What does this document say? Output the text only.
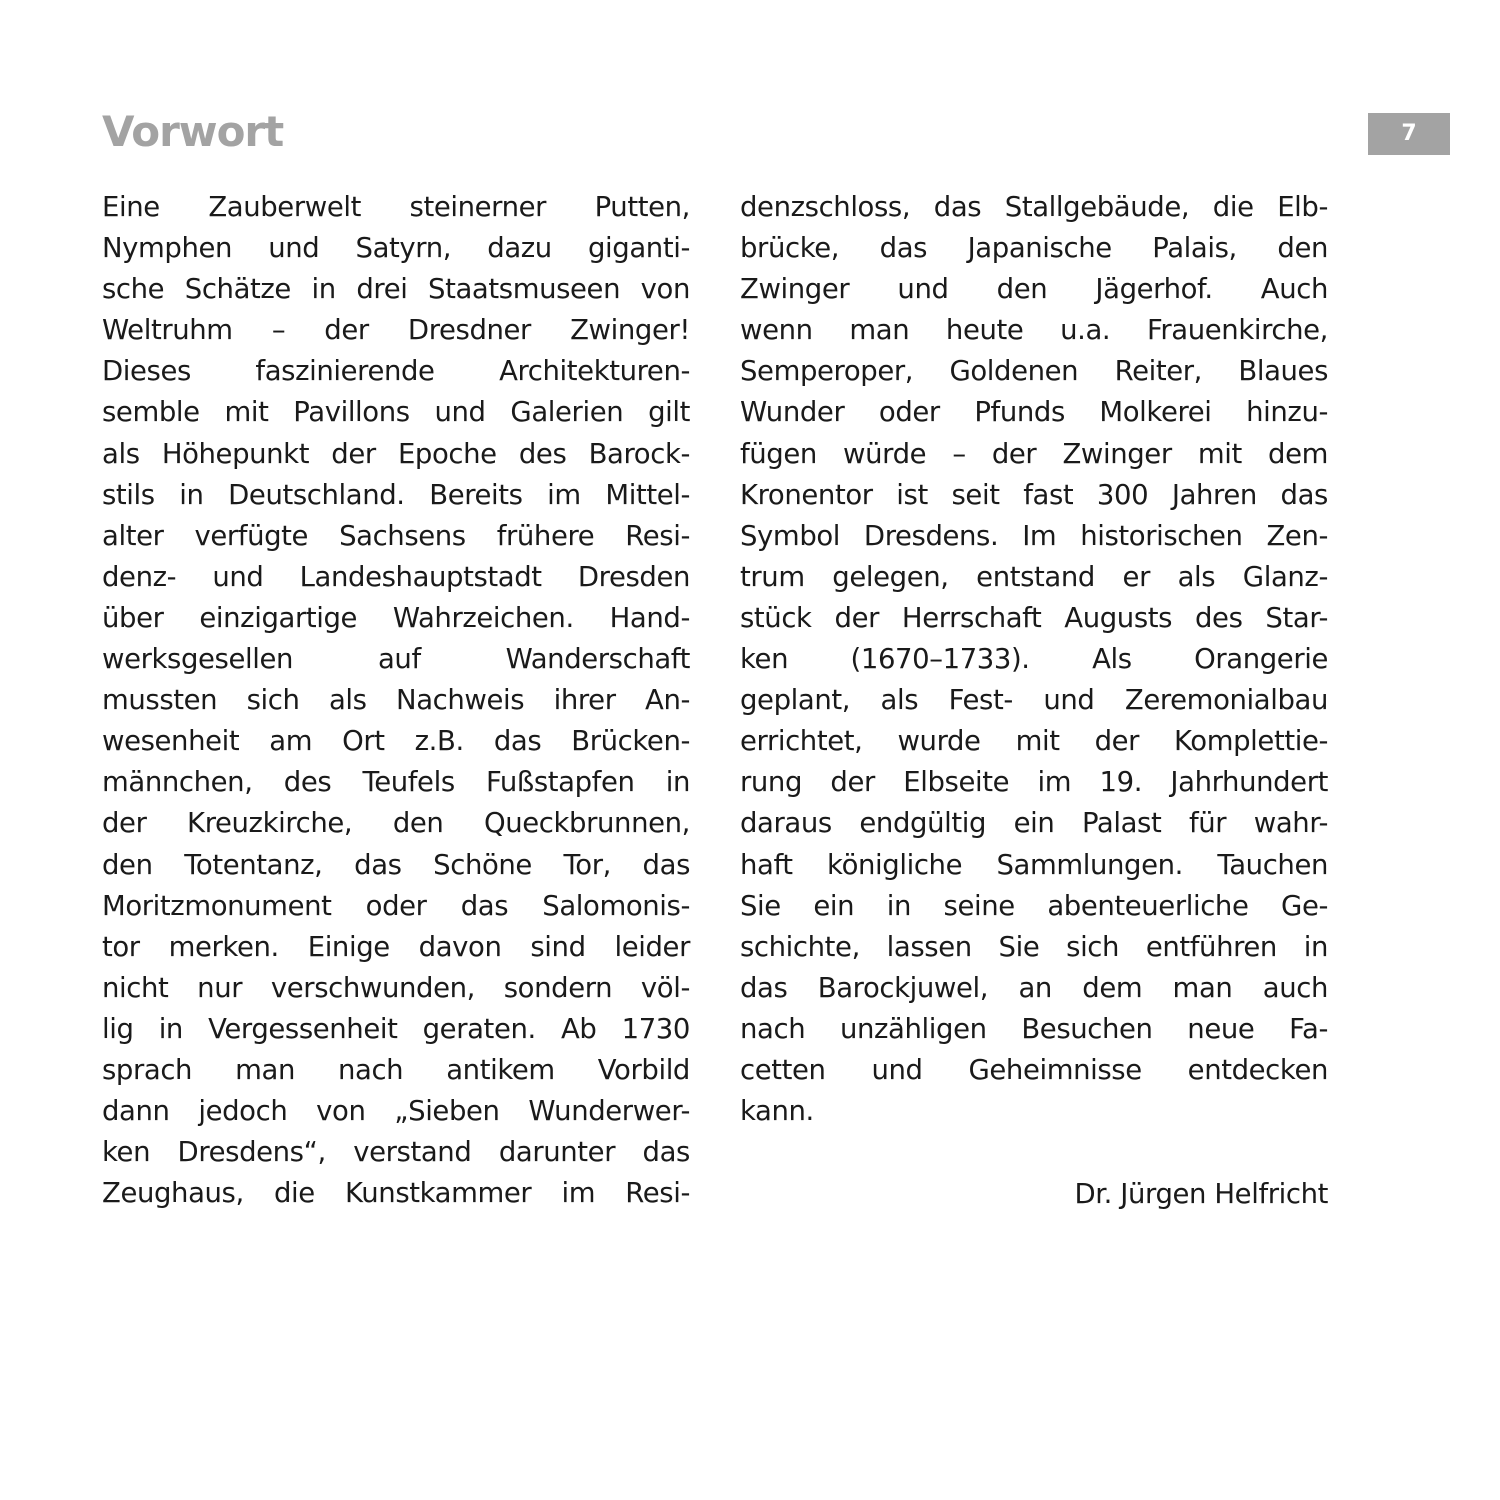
Vorwort	7
Eine Zauberwelt steinerner Putten,
Nymphen und Satyrn, dazu giganti-
sche Schätze in drei Staatsmuseen von
Weltruhm – der Dresdner Zwinger!
Dieses faszinierende Architekturen-
semble mit Pavillons und Galerien gilt
als Höhepunkt der Epoche des Barock-
stils in Deutschland. Bereits im Mittel-
alter verfügte Sachsens frühere Resi-
denz- und Landeshauptstadt Dresden
über einzigartige Wahrzeichen. Hand-
werksgesellen auf Wanderschaft
mussten sich als Nachweis ihrer An-
wesenheit am Ort z.B. das Brücken-
männchen, des Teufels Fußstapfen in
der Kreuzkirche, den Queckbrunnen,
den Totentanz, das Schöne Tor, das
Moritzmonument oder das Salomonis-
tor merken. Einige davon sind leider
nicht nur verschwunden, sondern völ-
lig in Vergessenheit geraten. Ab 1730
sprach man nach antikem Vorbild
dann jedoch von „Sieben Wunderwer-
ken Dresdens“, verstand darunter das
Zeughaus, die Kunstkammer im Resi-
denzschloss, das Stallgebäude, die Elb-
brücke, das Japanische Palais, den
Zwinger und den Jägerhof. Auch
wenn man heute u.a. Frauenkirche,
Semperoper, Goldenen Reiter, Blaues
Wunder oder Pfunds Molkerei hinzu-
fügen würde – der Zwinger mit dem
Kronentor ist seit fast 300 Jahren das
Symbol Dresdens. Im historischen Zen-
trum gelegen, entstand er als Glanz-
stück der Herrschaft Augusts des Star-
ken (1670–1733). Als Orangerie
geplant, als Fest- und Zeremonialbau
errichtet, wurde mit der Komplettie-
rung der Elbseite im 19. Jahrhundert
daraus endgültig ein Palast für wahr-
haft königliche Sammlungen. Tauchen
Sie ein in seine abenteuerliche Ge-
schichte, lassen Sie sich entführen in
das Barockjuwel, an dem man auch
nach unzähligen Besuchen neue Fa-
cetten und Geheimnisse entdecken
kann.

Dr. Jürgen Helfricht
